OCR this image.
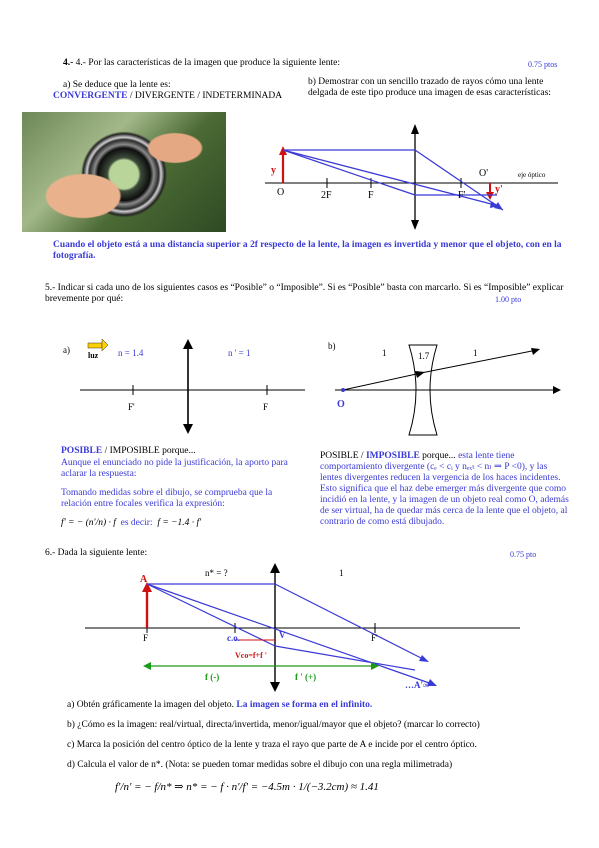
4.- 4.- Por las características de la imagen que produce la siguiente lente:	0.75 ptos
a) Se deduce que la lente es:
CONVERGENTE / DIVERGENTE / INDETERMINADA
b) Demostrar con un sencillo trazado de rayos cómo una lente delgada de este tipo produce una imagen de esas características:
y
O	2F	F	F'
O'
y'
eje óptico
Cuando el objeto está a una distancia superior a 2f respecto de la lente, la imagen es invertida y menor que el objeto, con en la fotografía.
5.- Indicar si cada uno de los siguientes casos es “Posible” o “Imposible”. Si es “Posible” basta con marcarlo. Si es “Imposible” explicar brevemente por qué:	1.00 pto
a)
luz n = 1.4	n ' = 1
F'	F
b)
1	1.7	1
O
POSIBLE / IMPOSIBLE porque...
Aunque el enunciado no pide la justificación, la aporto para aclarar la respuesta:
Tomando medidas sobre el dibujo, se comprueba que la relación entre focales verifica la expresión:
f' = − (n'/n) · f es decir: f = −1.4 · f'
POSIBLE / IMPOSIBLE porque... esta lente tiene comportamiento divergente (cₑ < cᵢ y nₑₓₜ < nₗ ⇒ P <0), y las lentes divergentes reducen la vergencia de los haces incidentes. Esto significa que el haz debe emerger más divergente que como incidió en la lente, y la imagen de un objeto real como O, además de ser virtual, ha de quedar más cerca de la lente que el objeto, al contrario de como está dibujado.
6.- Dada la siguiente lente:	0.75 pto
A
n* = ?	1
F	c.o.	V	F'
Vco=f+f '
f (-)	f ' (+)
…A'∞
a) Obtén gráficamente la imagen del objeto. La imagen se forma en el infinito.
b) ¿Cómo es la imagen: real/virtual, directa/invertida, menor/igual/mayor que el objeto? (marcar lo correcto)
c) Marca la posición del centro óptico de la lente y traza el rayo que parte de A e incide por el centro óptico.
d) Calcula el valor de n*. (Nota: se pueden tomar medidas sobre el dibujo con una regla milimetrada)
f'/n' = − f/n* ⇒ n* = − f · n'/f' = −4.5m · 1/(−3.2cm) ≈ 1.41
